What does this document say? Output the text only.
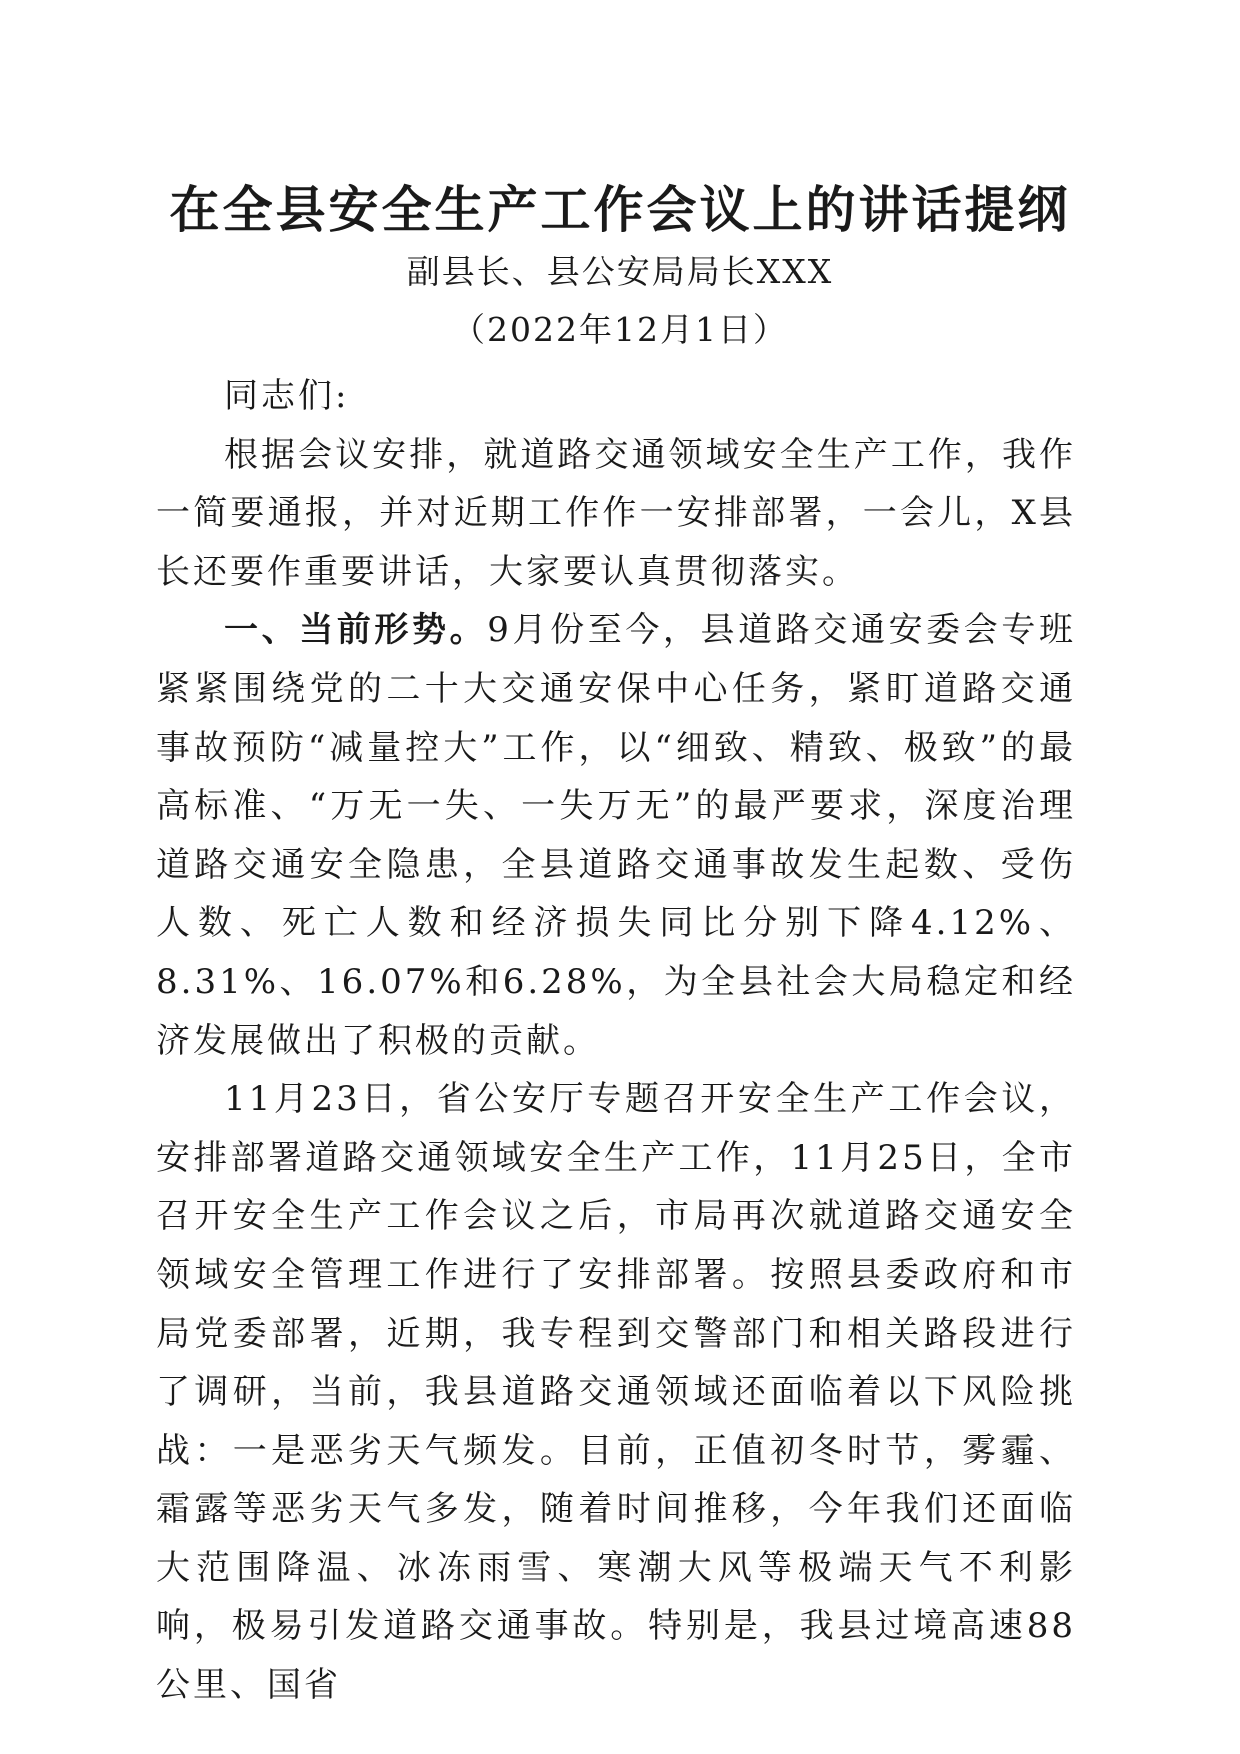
在全县安全生产工作会议上的讲话提纲
副县长、县公安局局长XXX
（2022年12月1日）

同志们:

根据会议安排，就道路交通领域安全生产工作，我作一简要通报，并对近期工作作一安排部署，一会儿，X县长还要作重要讲话，大家要认真贯彻落实。

一、当前形势。9月份至今，县道路交通安委会专班紧紧围绕党的二十大交通安保中心任务，紧盯道路交通事故预防“减量控大”工作，以“细致、精致、极致”的最高标准、“万无一失、一失万无”的最严要求，深度治理道路交通安全隐患，全县道路交通事故发生起数、受伤人数、死亡人数和经济损失同比分别下降4.12%、8.31%、16.07%和6.28%，为全县社会大局稳定和经济发展做出了积极的贡献。

11月23日，省公安厅专题召开安全生产工作会议，安排部署道路交通领域安全生产工作，11月25日，全市召开安全生产工作会议之后，市局再次就道路交通安全领域安全管理工作进行了安排部署。按照县委政府和市局党委部署，近期，我专程到交警部门和相关路段进行了调研，当前，我县道路交通领域还面临着以下风险挑战：一是恶劣天气频发。目前，正值初冬时节，雾霾、霜露等恶劣天气多发，随着时间推移，今年我们还面临大范围降温、冰冻雨雪、寒潮大风等极端天气不利影响，极易引发道路交通事故。特别是，我县过境高速88公里、国省
